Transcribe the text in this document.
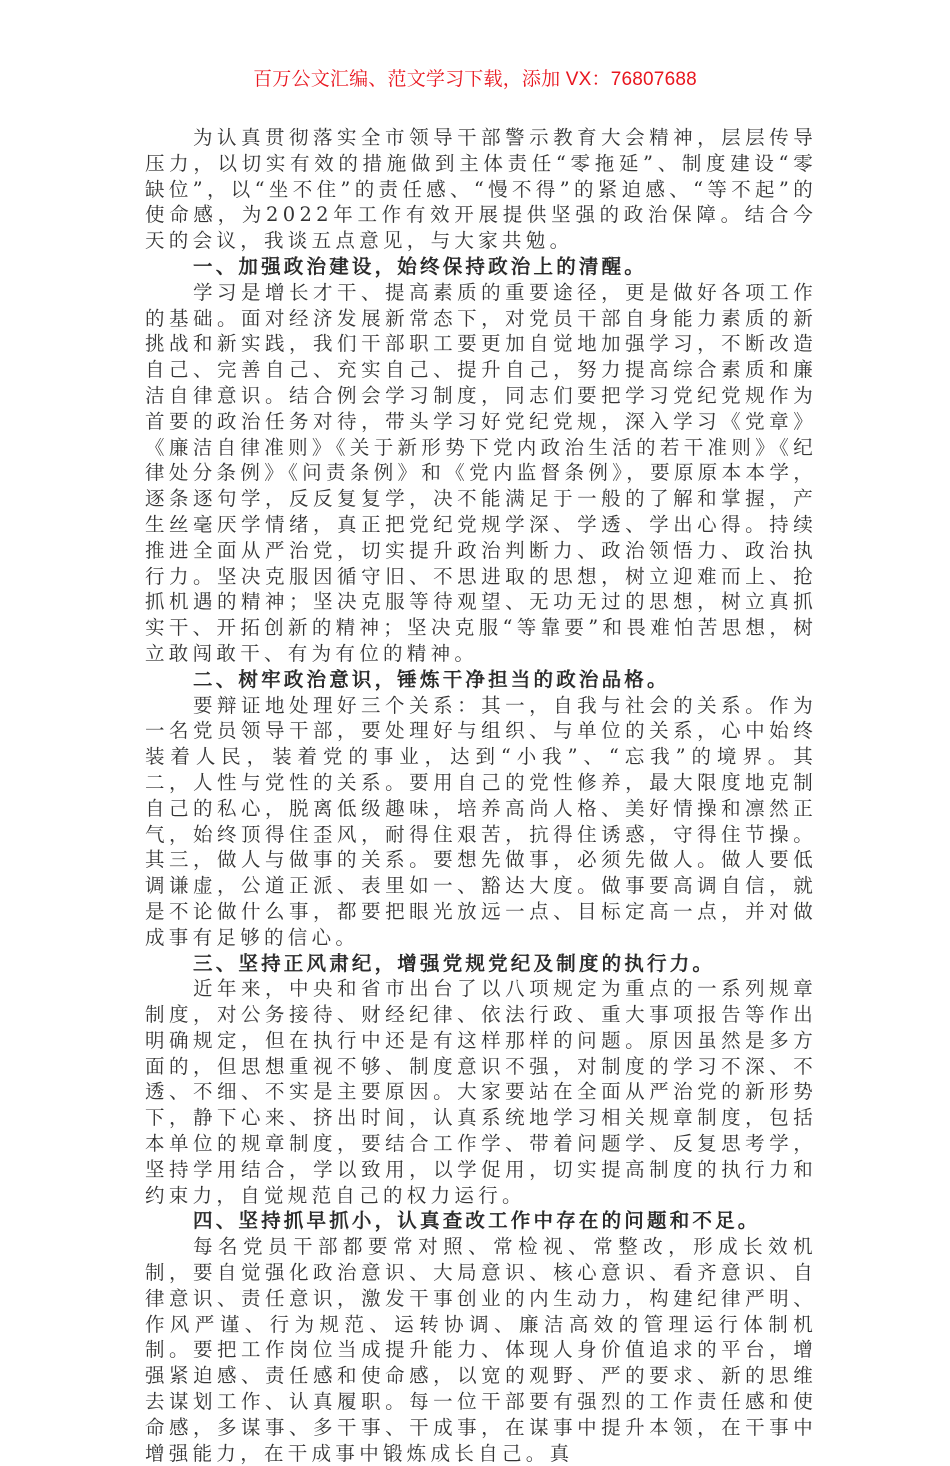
百万公文汇编、范文学习下载，添加 VX：76807688

为认真贯彻落实全市领导干部警示教育大会精神，层层传导压力，以切实有效的措施做到主体责任“零拖延”、制度建设“零缺位”，以“坐不住”的责任感、“慢不得”的紧迫感、“等不起”的使命感，为2022年工作有效开展提供坚强的政治保障。结合今天的会议，我谈五点意见，与大家共勉。

一、加强政治建设，始终保持政治上的清醒。

学习是增长才干、提高素质的重要途径，更是做好各项工作的基础。面对经济发展新常态下，对党员干部自身能力素质的新挑战和新实践，我们干部职工要更加自觉地加强学习，不断改造自己、完善自己、充实自己、提升自己，努力提高综合素质和廉洁自律意识。结合例会学习制度，同志们要把学习党纪党规作为首要的政治任务对待，带头学习好党纪党规，深入学习《党章》《廉洁自律准则》《关于新形势下党内政治生活的若干准则》《纪律处分条例》《问责条例》和《党内监督条例》，要原原本本学，逐条逐句学，反反复复学，决不能满足于一般的了解和掌握，产生丝毫厌学情绪，真正把党纪党规学深、学透、学出心得。持续推进全面从严治党，切实提升政治判断力、政治领悟力、政治执行力。坚决克服因循守旧、不思进取的思想，树立迎难而上、抢抓机遇的精神；坚决克服等待观望、无功无过的思想，树立真抓实干、开拓创新的精神；坚决克服“等靠要”和畏难怕苦思想，树立敢闯敢干、有为有位的精神。

二、树牢政治意识，锤炼干净担当的政治品格。

要辩证地处理好三个关系：其一，自我与社会的关系。作为一名党员领导干部，要处理好与组织、与单位的关系，心中始终装着人民，装着党的事业，达到“小我”、“忘我”的境界。其二，人性与党性的关系。要用自己的党性修养，最大限度地克制自己的私心，脱离低级趣味，培养高尚人格、美好情操和凛然正气，始终顶得住歪风，耐得住艰苦，抗得住诱惑，守得住节操。其三，做人与做事的关系。要想先做事，必须先做人。做人要低调谦虚，公道正派、表里如一、豁达大度。做事要高调自信，就是不论做什么事，都要把眼光放远一点、目标定高一点，并对做成事有足够的信心。

三、坚持正风肃纪，增强党规党纪及制度的执行力。

近年来，中央和省市出台了以八项规定为重点的一系列规章制度，对公务接待、财经纪律、依法行政、重大事项报告等作出明确规定，但在执行中还是有这样那样的问题。原因虽然是多方面的，但思想重视不够、制度意识不强，对制度的学习不深、不透、不细、不实是主要原因。大家要站在全面从严治党的新形势下，静下心来、挤出时间，认真系统地学习相关规章制度，包括本单位的规章制度，要结合工作学、带着问题学、反复思考学，坚持学用结合，学以致用，以学促用，切实提高制度的执行力和约束力，自觉规范自己的权力运行。

四、坚持抓早抓小，认真查改工作中存在的问题和不足。

每名党员干部都要常对照、常检视、常整改，形成长效机制，要自觉强化政治意识、大局意识、核心意识、看齐意识、自律意识、责任意识，激发干事创业的内生动力，构建纪律严明、作风严谨、行为规范、运转协调、廉洁高效的管理运行体制机制。要把工作岗位当成提升能力、体现人身价值追求的平台，增强紧迫感、责任感和使命感，以宽的观野、严的要求、新的思维去谋划工作、认真履职。每一位干部要有强烈的工作责任感和使命感，多谋事、多干事、干成事，在谋事中提升本领，在干事中增强能力，在干成事中锻炼成长自己。真
